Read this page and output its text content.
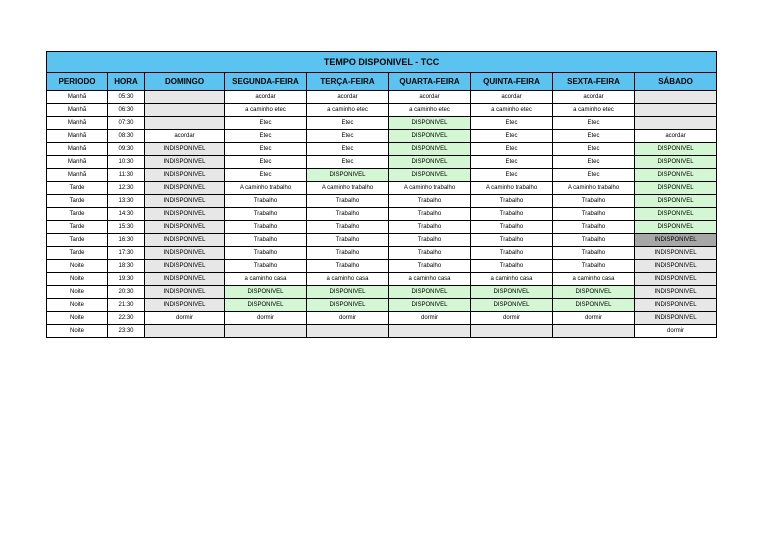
TEMPO DISPONIVEL - TCC								
PERIODO	HORA	DOMINGO	SEGUNDA-FEIRA	TERÇA-FEIRA	QUARTA-FEIRA	QUINTA-FEIRA	SEXTA-FEIRA	SÁBADO
Manhã	05:30		acordar	acordar	acordar	acordar	acordar	
Manhã	06:30		a caminho etec	a caminho etec	a caminho etec	a caminho etec	a caminho etec	
Manhã	07:30		Etec	Etec	DISPONIVEL	Etec	Etec	
Manhã	08:30	acordar	Etec	Etec	DISPONIVEL	Etec	Etec	acordar
Manhã	09:30	INDISPONIVEL	Etec	Etec	DISPONIVEL	Etec	Etec	DISPONIVEL
Manhã	10:30	INDISPONIVEL	Etec	Etec	DISPONIVEL	Etec	Etec	DISPONIVEL
Manhã	11:30	INDISPONIVEL	Etec	DISPONIVEL	DISPONIVEL	Etec	Etec	DISPONIVEL
Tarde	12:30	INDISPONIVEL	A caminho trabalho	A caminho trabalho	A caminho trabalho	A caminho trabalho	A caminho trabalho	DISPONIVEL
Tarde	13:30	INDISPONIVEL	Trabalho	Trabalho	Trabalho	Trabalho	Trabalho	DISPONIVEL
Tarde	14:30	INDISPONIVEL	Trabalho	Trabalho	Trabalho	Trabalho	Trabalho	DISPONIVEL
Tarde	15:30	INDISPONIVEL	Trabalho	Trabalho	Trabalho	Trabalho	Trabalho	DISPONIVEL
Tarde	16:30	INDISPONIVEL	Trabalho	Trabalho	Trabalho	Trabalho	Trabalho	INDISPONIVEL
Tarde	17:30	INDISPONIVEL	Trabalho	Trabalho	Trabalho	Trabalho	Trabalho	INDISPONIVEL
Noite	18:30	INDISPONIVEL	Trabalho	Trabalho	Trabalho	Trabalho	Trabalho	INDISPONIVEL
Noite	19:30	INDISPONIVEL	a caminho casa	a caminho casa	a caminho casa	a caminho casa	a caminho casa	INDISPONIVEL
Noite	20:30	INDISPONIVEL	DISPONIVEL	DISPONIVEL	DISPONIVEL	DISPONIVEL	DISPONIVEL	INDISPONIVEL
Noite	21:30	INDISPONIVEL	DISPONIVEL	DISPONIVEL	DISPONIVEL	DISPONIVEL	DISPONIVEL	INDISPONIVEL
Noite	22:30	dormir	dormir	dormir	dormir	dormir	dormir	INDISPONIVEL
Noite	23:30							dormir
